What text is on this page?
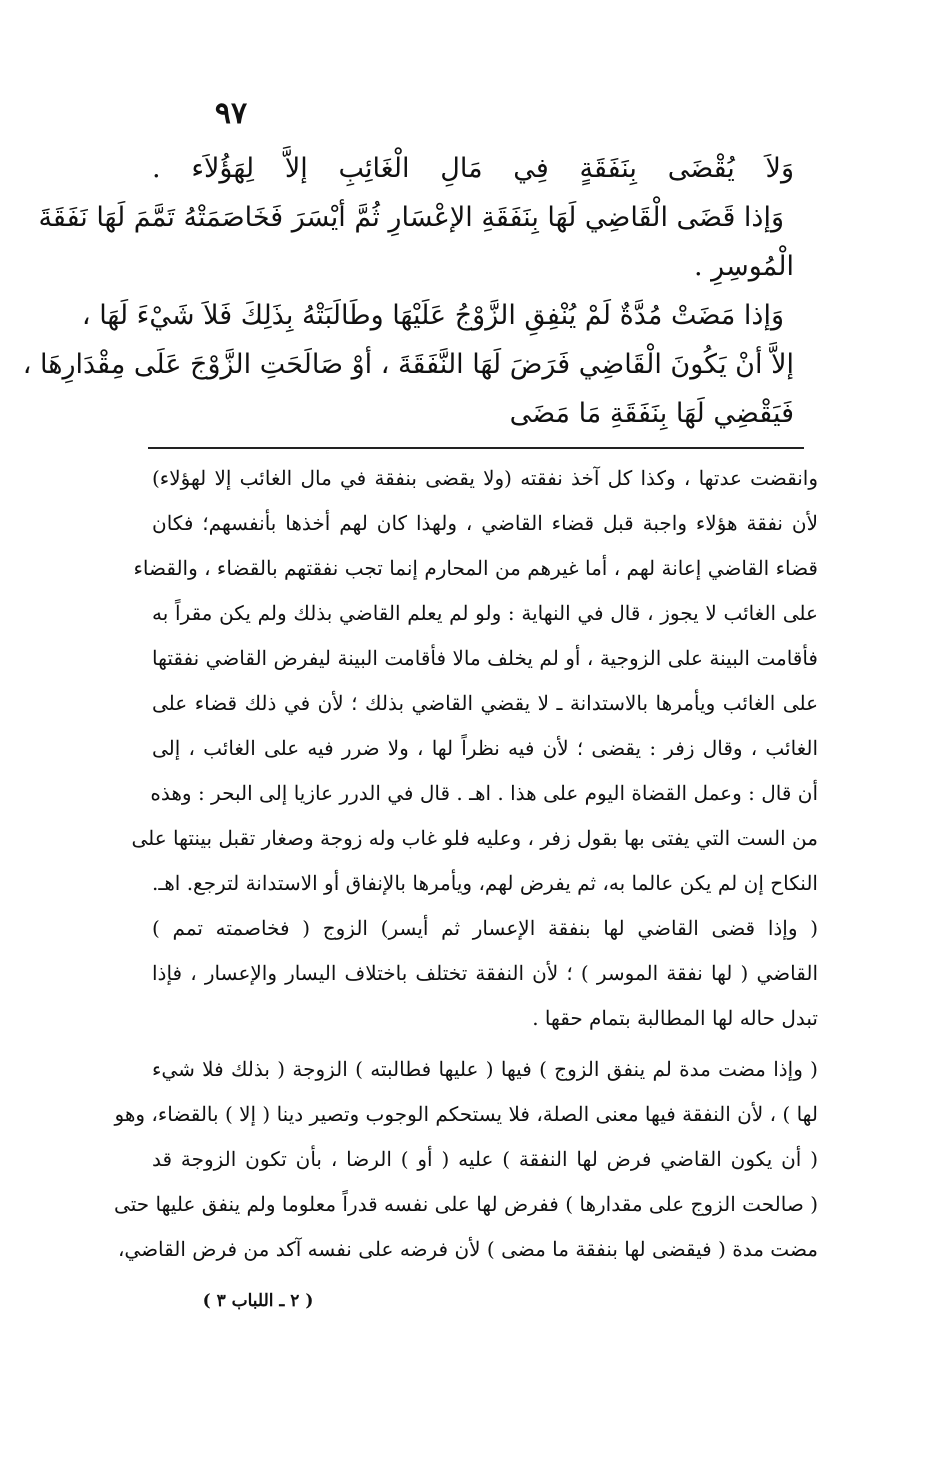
٩٧
وَلاَ يُقْضَى بِنَفَقَةٍ فِي مَالِ الْغَائِبِ إلاَّ لِهَؤُلاَء .
وَإذا قَضَى الْقَاضِي لَهَا بِنَفَقَةِ الإعْسَارِ ثُمَّ أيْسَرَ فَخَاصَمَتْهُ تَمَّمَ لَهَا نَفَقَةَ
الْمُوسِرِ .
وَإذا مَضَتْ مُدَّةٌ لَمْ يُنْفِقِ الزَّوْجُ عَلَيْهَا وطَالَبَتْهُ بِذَلِكَ فَلاَ شَيْءَ لَهَا ،
إلاَّ أنْ يَكُونَ الْقَاضِي فَرَضَ لَهَا النَّفَقَةَ ، أوْ صَالَحَتِ الزَّوْجَ عَلَى مِقْدَارِهَا ،
فَيَقْضِي لَهَا بِنَفَقَةِ مَا مَضَى
وانقضت عدتها ، وكذا كل آخذ نفقته (ولا يقضى بنفقة في مال الغائب إلا لهؤلاء)
لأن نفقة هؤلاء واجبة قبل قضاء القاضي ، ولهذا كان لهم أخذها بأنفسهم؛ فكان
قضاء القاضي إعانة لهم ، أما غيرهم من المحارم إنما تجب نفقتهم بالقضاء ، والقضاء
على الغائب لا يجوز ، قال في النهاية : ولو لم يعلم القاضي بذلك ولم يكن مقراً به
فأقامت البينة على الزوجية ، أو لم يخلف مالا فأقامت البينة ليفرض القاضي نفقتها
على الغائب ويأمرها بالاستدانة ـ لا يقضي القاضي بذلك ؛ لأن في ذلك قضاء على
الغائب ، وقال زفر : يقضى ؛ لأن فيه نظراً لها ، ولا ضرر فيه على الغائب ، إلى
أن قال : وعمل القضاة اليوم على هذا . اهـ . قال في الدرر عازيا إلى البحر : وهذه
من الست التي يفتى بها بقول زفر ، وعليه فلو غاب وله زوجة وصغار تقبل بينتها على
النكاح إن لم يكن عالما به، ثم يفرض لهم، ويأمرها بالإنفاق أو الاستدانة لترجع. اهـ.
( وإذا قضى القاضي لها بنفقة الإعسار ثم أيسر) الزوج ( فخاصمته تمم )
القاضي ( لها نفقة الموسر ) ؛ لأن النفقة تختلف باختلاف اليسار والإعسار ، فإذا
تبدل حاله لها المطالبة بتمام حقها .
( وإذا مضت مدة لم ينفق الزوج ) فيها ( عليها فطالبته ) الزوجة ( بذلك فلا شيء
لها ) ، لأن النفقة فيها معنى الصلة، فلا يستحكم الوجوب وتصير دينا ( إلا ) بالقضاء، وهو
( أن يكون القاضي فرض لها النفقة ) عليه ( أو ) الرضا ، بأن تكون الزوجة قد
( صالحت الزوج على مقدارها ) ففرض لها على نفسه قدراً معلوما ولم ينفق عليها حتى
مضت مدة ( فيقضى لها بنفقة ما مضى ) لأن فرضه على نفسه آكد من فرض القاضي،
( ٢ ـ اللباب ٣ )
